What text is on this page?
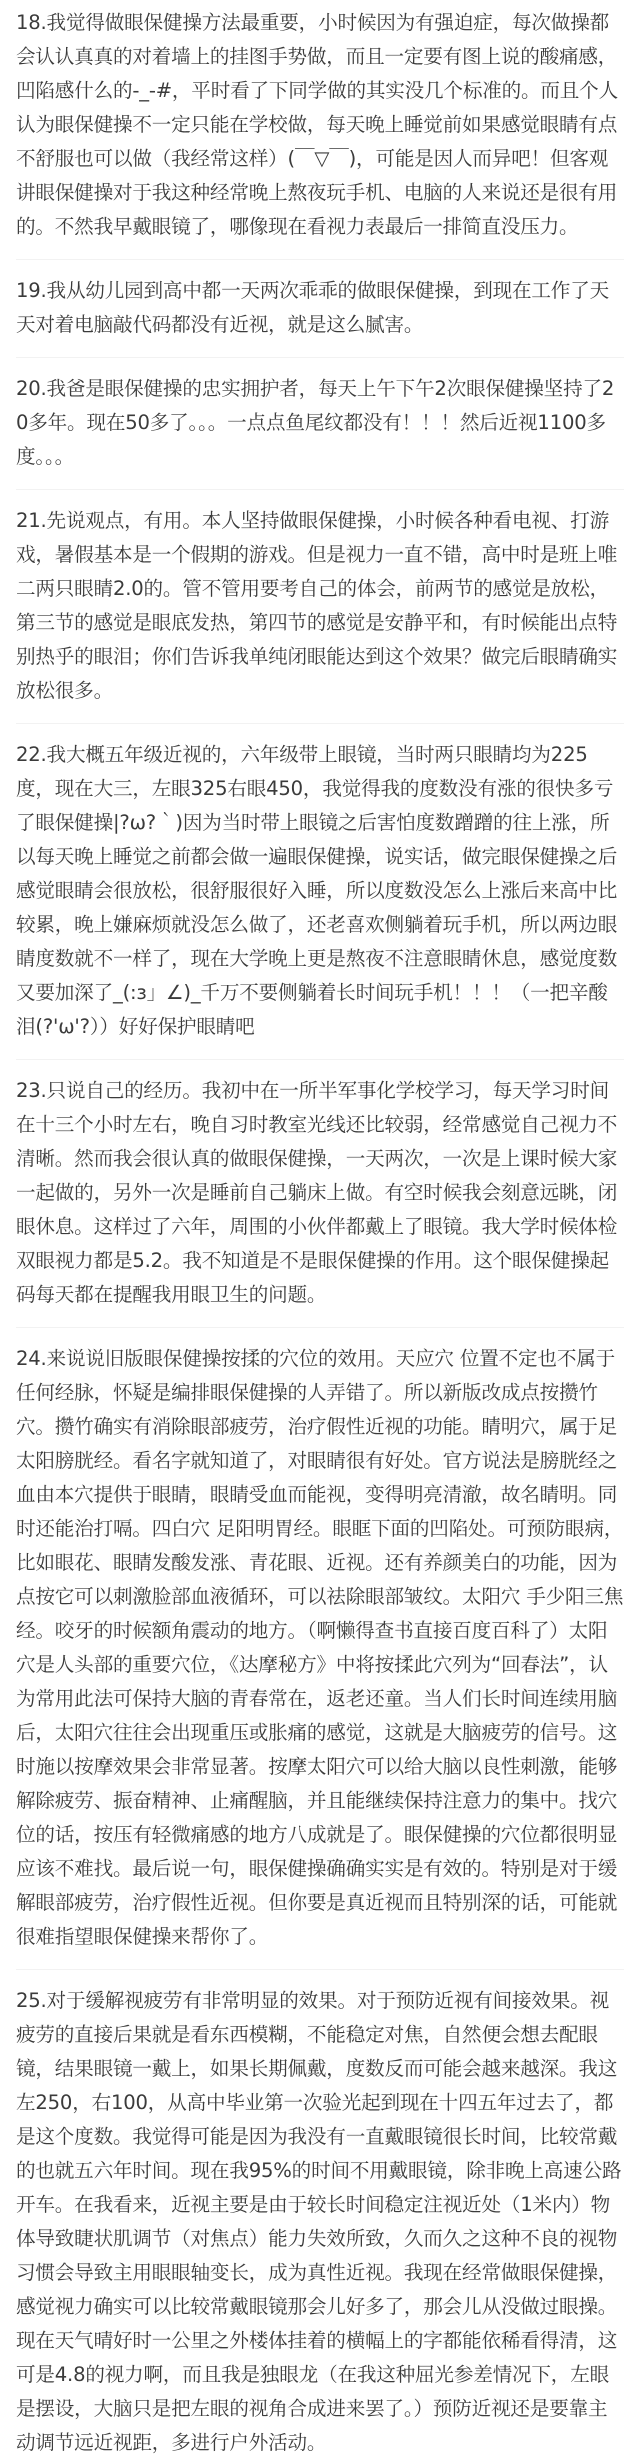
18.我觉得做眼保健操方法最重要，小时候因为有强迫症，每次做操都会认认真真的对着墙上的挂图手势做，而且一定要有图上说的酸痛感，凹陷感什么的-_-#，平时看了下同学做的其实没几个标准的。而且个人认为眼保健操不一定只能在学校做，每天晚上睡觉前如果感觉眼睛有点不舒服也可以做（我经常这样）(￣▽￣)，可能是因人而异吧！但客观讲眼保健操对于我这种经常晚上熬夜玩手机、电脑的人来说还是很有用的。不然我早戴眼镜了，哪像现在看视力表最后一排简直没压力。

19.我从幼儿园到高中都一天两次乖乖的做眼保健操，到现在工作了天天对着电脑敲代码都没有近视，就是这么腻害。

20.我爸是眼保健操的忠实拥护者，每天上午下午2次眼保健操坚持了20多年。现在50多了。。。一点点鱼尾纹都没有！！！然后近视1100多度。。。

21.先说观点，有用。本人坚持做眼保健操，小时候各种看电视、打游戏，暑假基本是一个假期的游戏。但是视力一直不错，高中时是班上唯二两只眼睛2.0的。管不管用要考自己的体会，前两节的感觉是放松，第三节的感觉是眼底发热，第四节的感觉是安静平和，有时候能出点特别热乎的眼泪；你们告诉我单纯闭眼能达到这个效果？做完后眼睛确实放松很多。

22.我大概五年级近视的，六年级带上眼镜，当时两只眼睛均为225度，现在大三，左眼325右眼450，我觉得我的度数没有涨的很快多亏了眼保健操|?ω?｀)因为当时带上眼镜之后害怕度数蹭蹭的往上涨，所以每天晚上睡觉之前都会做一遍眼保健操，说实话，做完眼保健操之后感觉眼睛会很放松，很舒服很好入睡，所以度数没怎么上涨后来高中比较累，晚上嫌麻烦就没怎么做了，还老喜欢侧躺着玩手机，所以两边眼睛度数就不一样了，现在大学晚上更是熬夜不注意眼睛休息，感觉度数又要加深了_(:з」∠)_千万不要侧躺着长时间玩手机！！！（一把辛酸泪(?'ω'?））好好保护眼睛吧

23.只说自己的经历。我初中在一所半军事化学校学习，每天学习时间在十三个小时左右，晚自习时教室光线还比较弱，经常感觉自己视力不清晰。然而我会很认真的做眼保健操，一天两次，一次是上课时候大家一起做的，另外一次是睡前自己躺床上做。有空时候我会刻意远眺，闭眼休息。这样过了六年，周围的小伙伴都戴上了眼镜。我大学时候体检双眼视力都是5.2。我不知道是不是眼保健操的作用。这个眼保健操起码每天都在提醒我用眼卫生的问题。

24.来说说旧版眼保健操按揉的穴位的效用。天应穴 位置不定也不属于任何经脉，怀疑是编排眼保健操的人弄错了。所以新版改成点按攒竹穴。攒竹确实有消除眼部疲劳，治疗假性近视的功能。睛明穴，属于足太阳膀胱经。看名字就知道了，对眼睛很有好处。官方说法是膀胱经之血由本穴提供于眼睛，眼睛受血而能视，变得明亮清澈，故名睛明。同时还能治打嗝。四白穴 足阳明胃经。眼眶下面的凹陷处。可预防眼病，比如眼花、眼睛发酸发涨、青花眼、近视。还有养颜美白的功能，因为点按它可以刺激脸部血液循环，可以祛除眼部皱纹。太阳穴 手少阳三焦经。咬牙的时候额角震动的地方。（啊懒得查书直接百度百科了）太阳穴是人头部的重要穴位，《达摩秘方》中将按揉此穴列为“回春法”，认为常用此法可保持大脑的青春常在，返老还童。当人们长时间连续用脑后，太阳穴往往会出现重压或胀痛的感觉，这就是大脑疲劳的信号。这时施以按摩效果会非常显著。按摩太阳穴可以给大脑以良性刺激，能够解除疲劳、振奋精神、止痛醒脑，并且能继续保持注意力的集中。找穴位的话，按压有轻微痛感的地方八成就是了。眼保健操的穴位都很明显应该不难找。最后说一句，眼保健操确确实实是有效的。特别是对于缓解眼部疲劳，治疗假性近视。但你要是真近视而且特别深的话，可能就很难指望眼保健操来帮你了。

25.对于缓解视疲劳有非常明显的效果。对于预防近视有间接效果。视疲劳的直接后果就是看东西模糊，不能稳定对焦，自然便会想去配眼镜，结果眼镜一戴上，如果长期佩戴，度数反而可能会越来越深。我这左250，右100，从高中毕业第一次验光起到现在十四五年过去了，都是这个度数。我觉得可能是因为我没有一直戴眼镜很长时间，比较常戴的也就五六年时间。现在我95%的时间不用戴眼镜，除非晚上高速公路开车。在我看来，近视主要是由于较长时间稳定注视近处（1米内）物体导致睫状肌调节（对焦点）能力失效所致，久而久之这种不良的视物习惯会导致主用眼眼轴变长，成为真性近视。我现在经常做眼保健操，感觉视力确实可以比较常戴眼镜那会儿好多了，那会儿从没做过眼操。现在天气晴好时一公里之外楼体挂着的横幅上的字都能依稀看得清，这可是4.8的视力啊，而且我是独眼龙（在我这种屈光参差情况下，左眼是摆设，大脑只是把左眼的视角合成进来罢了。）预防近视还是要靠主动调节远近视距，多进行户外活动。
